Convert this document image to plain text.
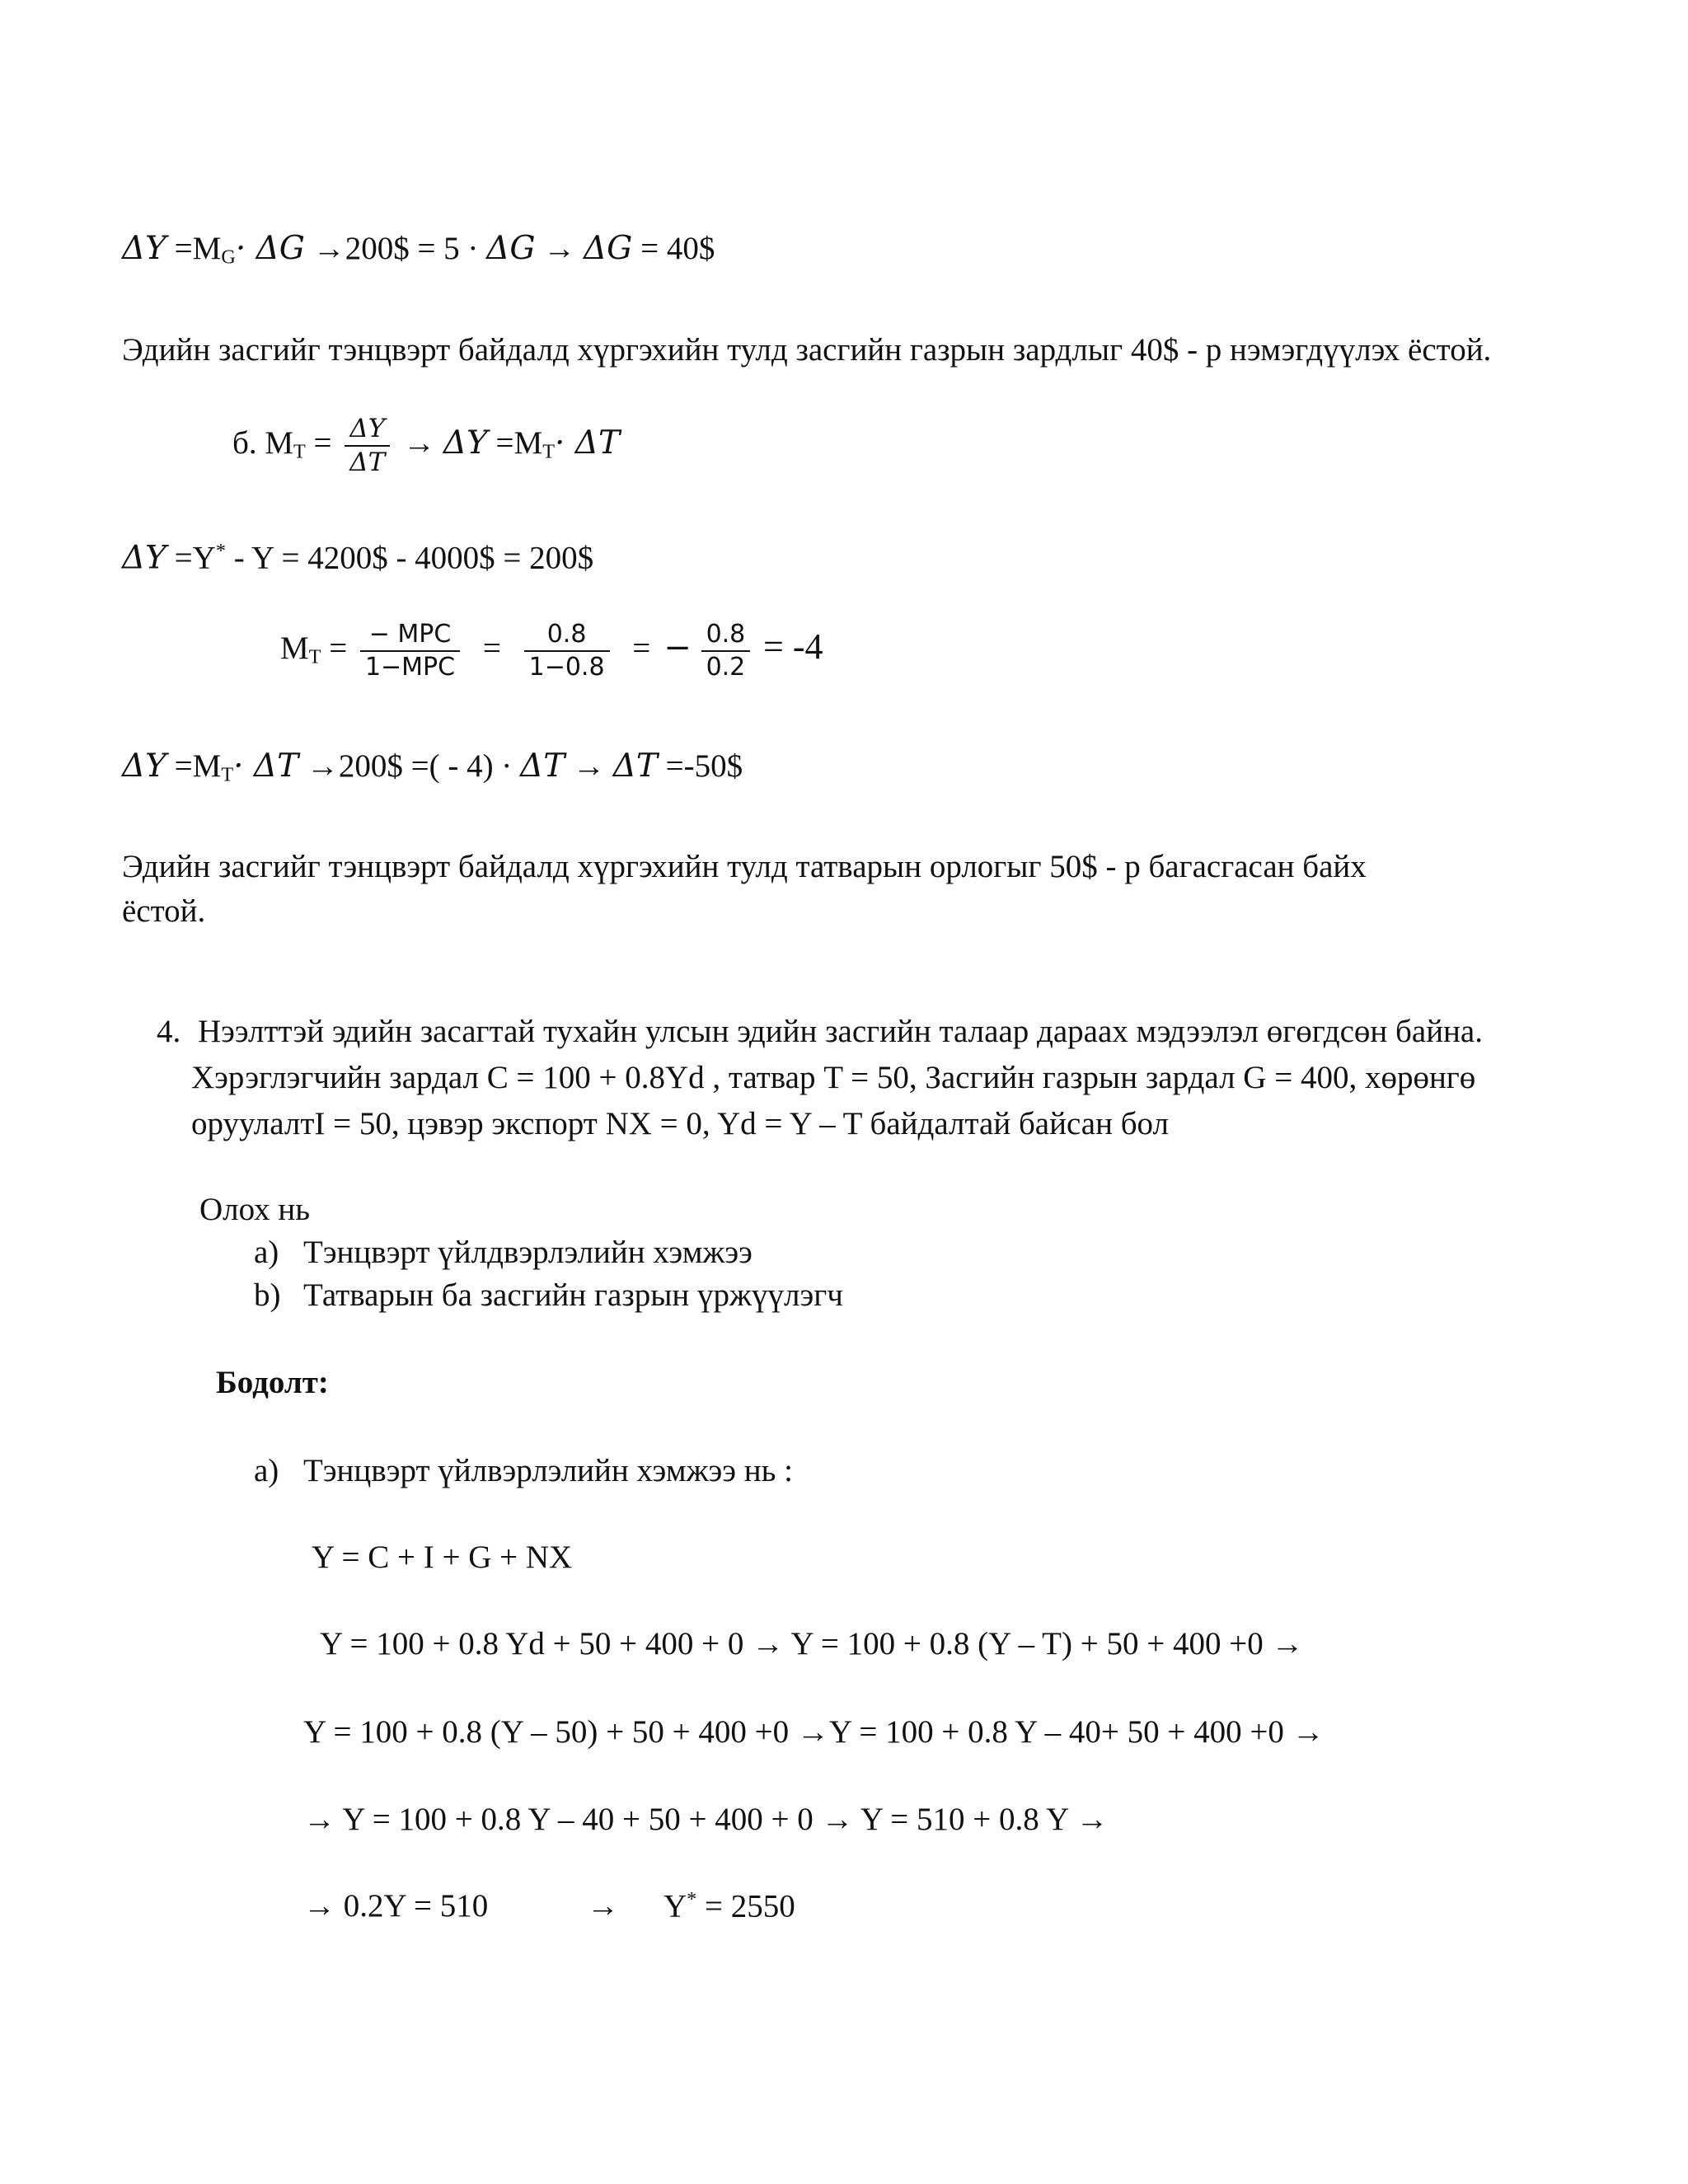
$\Delta Y =M_G\cdot \Delta G$ →200$ = 5 · ΔG → ΔG = 40$
Эдийн засгийг тэнцвэрт байдалд хүргэхийн тулд засгийн газрын зардлыг 40$ - р нэмэгдүүлэх ёстой.
б. $M_T = \frac{\Delta Y}{\Delta T} \to \Delta Y =M_T\cdot \Delta T$
ΔY =Y* - Y = 4200$ - 4000$ = 200$
$M_T = \frac{\text{− MPC}}{\text{1−MPC}} = \frac{0.8}{1-0.8}$ = − $\frac{0.8}{0.2} = -4$
$\Delta Y =M_T\cdot \Delta T$ →200$ =( - 4) · ΔT → ΔT =-50$
Эдийн засгийг тэнцвэрт байдалд хүргэхийн тулд татварын орлогыг 50$ - р багасгасан байх
ёстой.
4. Нээлттэй эдийн засагтай тухайн улсын эдийн засгийн талаар дараах мэдээлэл өгөгдсөн байна.
Хэрэглэгчийн зардал C = 100 + 0.8Yd , татвар T = 50, Засгийн газрын зардал G = 400, хөрөнгө
оруулалтI = 50, цэвэр экспорт NX = 0, Yd = Y – T байдалтай байсан бол
Олох нь
a) Тэнцвэрт үйлдвэрлэлийн хэмжээ
b) Татварын ба засгийн газрын үржүүлэгч
Бодолт:
a) Тэнцвэрт үйлвэрлэлийн хэмжээ нь :
Y = C + I + G + NX
Y = 100 + 0.8 Yd + 50 + 400 + 0 → Y = 100 + 0.8 (Y – T) + 50 + 400 +0 →
Y = 100 + 0.8 (Y – 50) + 50 + 400 +0 →Y = 100 + 0.8 Y – 40+ 50 + 400 +0 →
→ Y = 100 + 0.8 Y – 40 + 50 + 400 + 0 → Y = 510 + 0.8 Y →
→ 0.2Y = 510	→ Y* = 2550
